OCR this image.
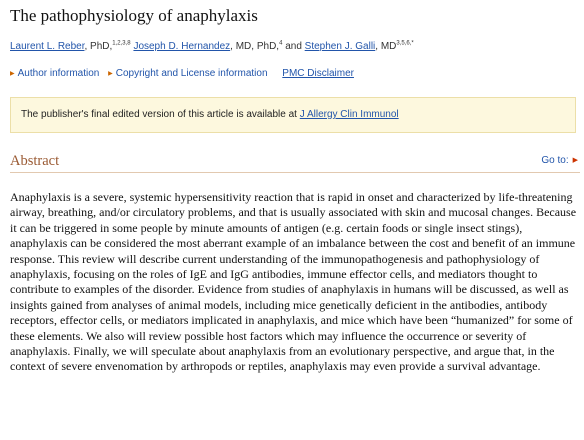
The pathophysiology of anaphylaxis
Laurent L. Reber, PhD,$^{1,2,3,8}$ Joseph D. Hernandez, MD, PhD,$^4$ and Stephen J. Galli, $MD^{3,5,6,*}$
▶ Author information ▶ Copyright and License information PMC Disclaimer
The publisher's final edited version of this article is available at J Allergy Clin Immunol
Abstract	Go to: ▶

Anaphylaxis is a severe, systemic hypersensitivity reaction that is rapid in onset and characterized by life-threatening airway, breathing, and/or circulatory problems, and that is usually associated with skin and mucosal changes. Because it can be triggered in some people by minute amounts of antigen (e.g. certain foods or single insect stings), anaphylaxis can be considered the most aberrant example of an imbalance between the cost and benefit of an immune response. This review will describe current understanding of the immunopathogenesis and pathophysiology of anaphylaxis, focusing on the roles of IgE and IgG antibodies, immune effector cells, and mediators thought to contribute to examples of the disorder. Evidence from studies of anaphylaxis in humans will be discussed, as well as insights gained from analyses of animal models, including mice genetically deficient in the antibodies, antibody receptors, effector cells, or mediators implicated in anaphylaxis, and mice which have been “humanized” for some of these elements. We also will review possible host factors which may influence the occurrence or severity of anaphylaxis. Finally, we will speculate about anaphylaxis from an evolutionary perspective, and argue that, in the context of severe envenomation by arthropods or reptiles, anaphylaxis may even provide a survival advantage.
